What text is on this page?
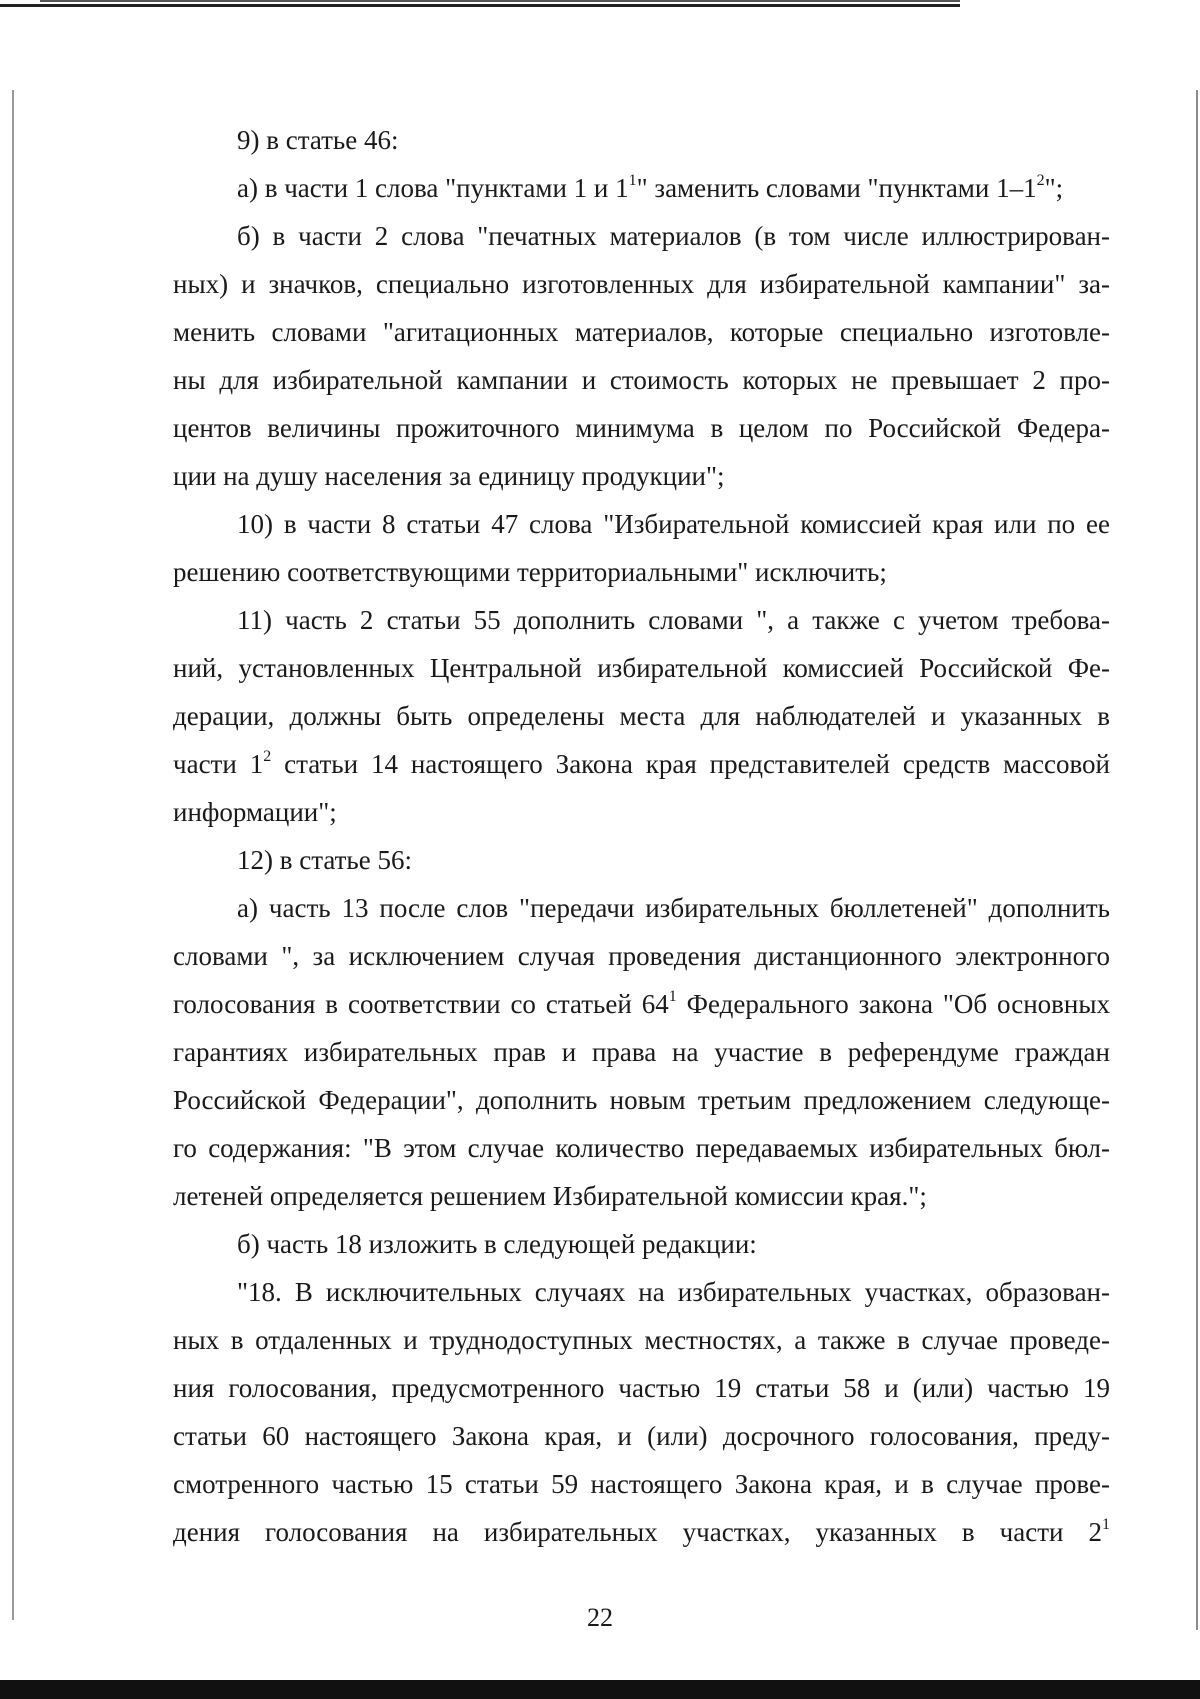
9) в статье 46:

а) в части 1 слова "пунктами 1 и $1^1$" заменить словами "пунктами $1-1^2$";

б) в части 2 слова "печатных материалов (в том числе иллюстрирован-
ных) и значков, специально изготовленных для избирательной кампании" за-
менить словами "агитационных материалов, которые специально изготовле-
ны для избирательной кампании и стоимость которых не превышает 2 про-
центов величины прожиточного минимума в целом по Российской Федера-
ции на душу населения за единицу продукции";

10) в части 8 статьи 47 слова "Избирательной комиссией края или по ее
решению соответствующими территориальными" исключить;

11) часть 2 статьи 55 дополнить словами ", а также с учетом требова-
ний, установленных Центральной избирательной комиссией Российской Фе-
дерации, должны быть определены места для наблюдателей и указанных в
части $1^2$ статьи 14 настоящего Закона края представителей средств массовой
информации";

12) в статье 56:

а) часть 13 после слов "передачи избирательных бюллетеней" дополнить
словами ", за исключением случая проведения дистанционного электронного
голосования в соответствии со статьей $64^1$ Федерального закона "Об основных
гарантиях избирательных прав и права на участие в референдуме граждан
Российской Федерации", дополнить новым третьим предложением следующе-
го содержания: "В этом случае количество передаваемых избирательных бюл-
летеней определяется решением Избирательной комиссии края.";

б) часть 18 изложить в следующей редакции:

"18. В исключительных случаях на избирательных участках, образован-
ных в отдаленных и труднодоступных местностях, а также в случае проведе-
ния голосования, предусмотренного частью 19 статьи 58 и (или) частью 19
статьи 60 настоящего Закона края, и (или) досрочного голосования, преду-
смотренного частью 15 статьи 59 настоящего Закона края, и в случае прове-
дения голосования на избирательных участках, указанных в части $2^1$

22
